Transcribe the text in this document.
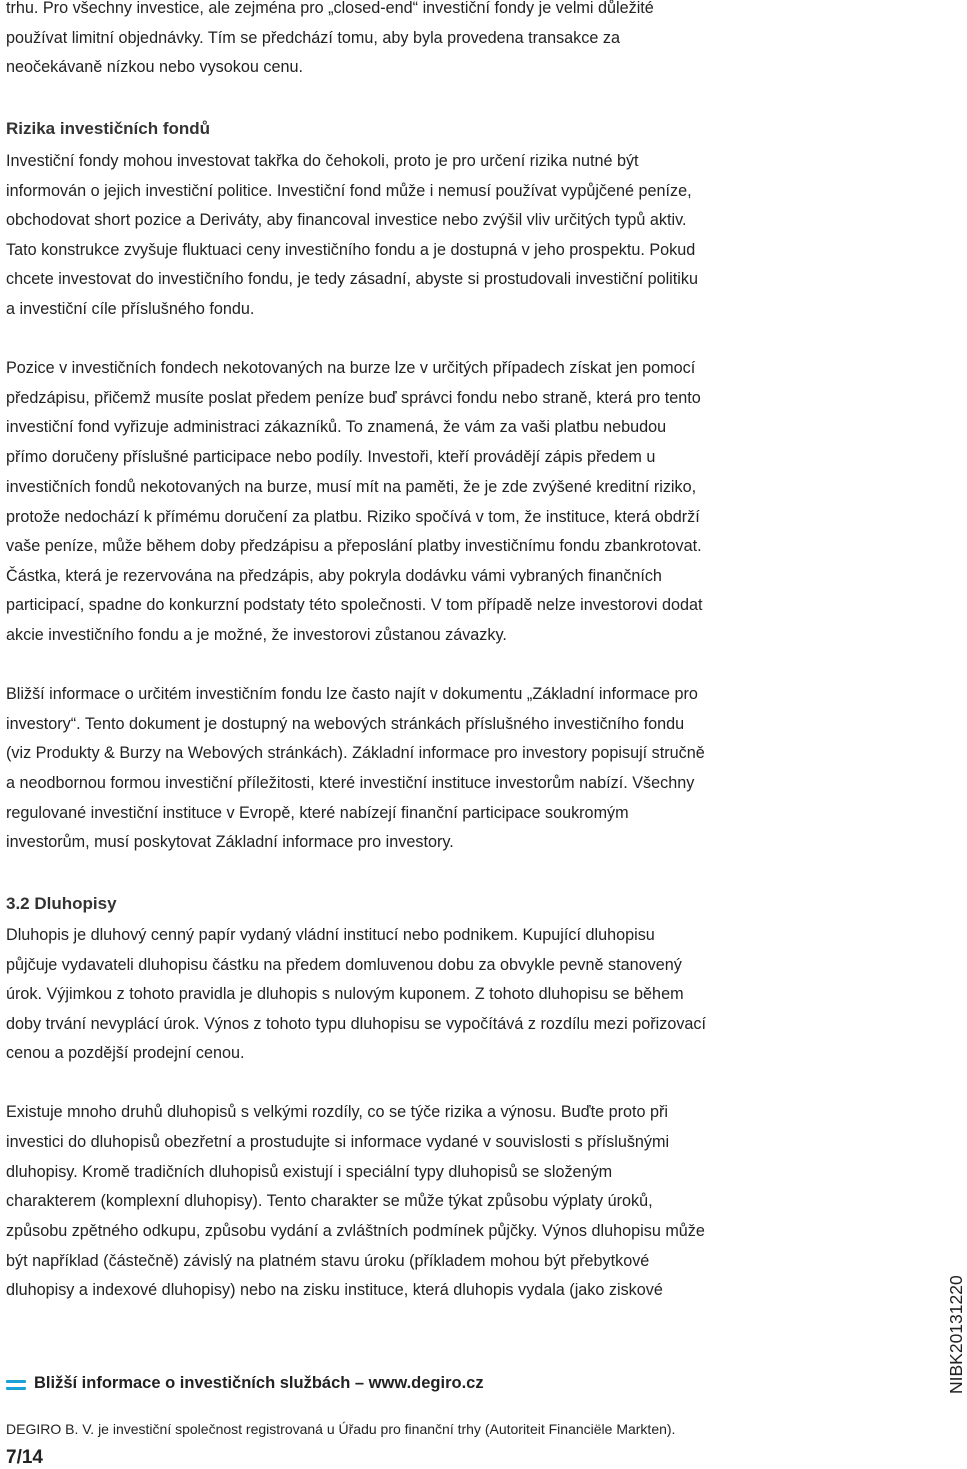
trhu. Pro všechny investice, ale zejména pro „closed-end“ investiční fondy je velmi důležité
používat limitní objednávky. Tím se předchází tomu, aby byla provedena transakce za
neočekávaně nízkou nebo vysokou cenu.
Rizika investičních fondů
Investiční fondy mohou investovat takřka do čehokoli, proto je pro určení rizika nutné být
informován o jejich investiční politice. Investiční fond může i nemusí používat vypůjčené peníze,
obchodovat short pozice a Deriváty, aby financoval investice nebo zvýšil vliv určitých typů aktiv.
Tato konstrukce zvyšuje fluktuaci ceny investičního fondu a je dostupná v jeho prospektu. Pokud
chcete investovat do investičního fondu, je tedy zásadní, abyste si prostudovali investiční politiku
a investiční cíle příslušného fondu.
Pozice v investičních fondech nekotovaných na burze lze v určitých případech získat jen pomocí
předzápisu, přičemž musíte poslat předem peníze buď správci fondu nebo straně, která pro tento
investiční fond vyřizuje administraci zákazníků. To znamená, že vám za vaši platbu nebudou
přímo doručeny příslušné participace nebo podíly. Investoři, kteří provádějí zápis předem u
investičních fondů nekotovaných na burze, musí mít na paměti, že je zde zvýšené kreditní riziko,
protože nedochází k přímému doručení za platbu. Riziko spočívá v tom, že instituce, která obdrží
vaše peníze, může během doby předzápisu a přeposlání platby investičnímu fondu zbankrotovat.
Částka, která je rezervována na předzápis, aby pokryla dodávku vámi vybraných finančních
participací, spadne do konkurzní podstaty této společnosti. V tom případě nelze investorovi dodat
akcie investičního fondu a je možné, že investorovi zůstanou závazky.
Bližší informace o určitém investičním fondu lze často najít v dokumentu „Základní informace pro
investory“. Tento dokument je dostupný na webových stránkách příslušného investičního fondu
(viz Produkty & Burzy na Webových stránkách). Základní informace pro investory popisují stručně
a neodbornou formou investiční příležitosti, které investiční instituce investorům nabízí. Všechny
regulované investiční instituce v Evropě, které nabízejí finanční participace soukromým
investorům, musí poskytovat Základní informace pro investory.
3.2 Dluhopisy
Dluhopis je dluhový cenný papír vydaný vládní institucí nebo podnikem. Kupující dluhopisu
půjčuje vydavateli dluhopisu částku na předem domluvenou dobu za obvykle pevně stanovený
úrok. Výjimkou z tohoto pravidla je dluhopis s nulovým kuponem. Z tohoto dluhopisu se během
doby trvání nevyplácí úrok. Výnos z tohoto typu dluhopisu se vypočítává z rozdílu mezi pořizovací
cenou a pozdější prodejní cenou.
Existuje mnoho druhů dluhopisů s velkými rozdíly, co se týče rizika a výnosu. Buďte proto při
investici do dluhopisů obezřetní a prostudujte si informace vydané v souvislosti s příslušnými
dluhopisy. Kromě tradičních dluhopisů existují i speciální typy dluhopisů se složeným
charakterem (komplexní dluhopisy). Tento charakter se může týkat způsobu výplaty úroků,
způsobu zpětného odkupu, způsobu vydání a zvláštních podmínek půjčky. Výnos dluhopisu může
být například (částečně) závislý na platném stavu úroku (příkladem mohou být přebytkové
dluhopisy a indexové dluhopisy) nebo na zisku instituce, která dluhopis vydala (jako ziskové
Bližší informace o investičních službách – www.degiro.cz
DEGIRO B. V. je investiční společnost registrovaná u Úřadu pro finanční trhy (Autoriteit Financiële Markten).
7/14
NIBK20131220
